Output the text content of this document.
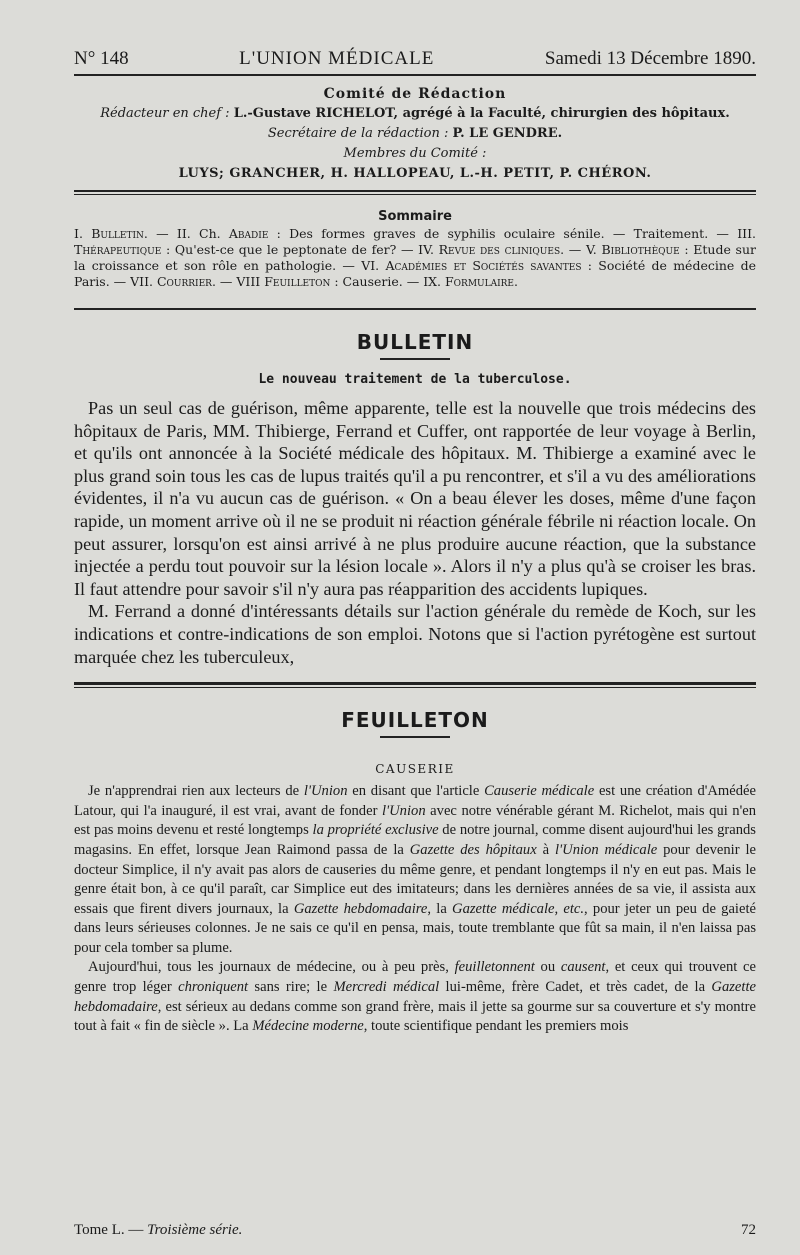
N° 148	L'UNION MÉDICALE	Samedi 13 Décembre 1890.
Comité de Rédaction
Rédacteur en chef : L.-Gustave RICHELOT, agrégé à la Faculté, chirurgien des hôpitaux.
Secrétaire de la rédaction : P. LE GENDRE.
Membres du Comité :
LUYS; GRANCHER, H. HALLOPEAU, L.-H. PETIT, P. CHÉRON.
Sommaire
I. Bulletin. — II. Ch. Abadie : Des formes graves de syphilis oculaire sénile. — Traitement. — III. Thérapeutique : Qu'est-ce que le peptonate de fer? — IV. Revue des cliniques. — V. Bibliothèque : Etude sur la croissance et son rôle en pathologie. — VI. Académies et Sociétés savantes : Société de médecine de Paris. — VII. Courrier. — VIII Feuilleton : Causerie. — IX. Formulaire.
BULLETIN
Le nouveau traitement de la tuberculose.

Pas un seul cas de guérison, même apparente, telle est la nouvelle que trois médecins des hôpitaux de Paris, MM. Thibierge, Ferrand et Cuffer, ont rapportée de leur voyage à Berlin, et qu'ils ont annoncée à la Société médicale des hôpitaux. M. Thibierge a examiné avec le plus grand soin tous les cas de lupus traités qu'il a pu rencontrer, et s'il a vu des améliorations évidentes, il n'a vu aucun cas de guérison. « On a beau élever les doses, même d'une façon rapide, un moment arrive où il ne se produit ni réaction générale fébrile ni réaction locale. On peut assurer, lorsqu'on est ainsi arrivé à ne plus produire aucune réaction, que la substance injectée a perdu tout pouvoir sur la lésion locale ». Alors il n'y a plus qu'à se croiser les bras. Il faut attendre pour savoir s'il n'y aura pas réapparition des accidents lupiques.

M. Ferrand a donné d'intéressants détails sur l'action générale du remède de Koch, sur les indications et contre-indications de son emploi. Notons que si l'action pyrétogène est surtout marquée chez les tuberculeux,

FEUILLETON
CAUSERIE

Je n'apprendrai rien aux lecteurs de l'Union en disant que l'article Causerie médicale est une création d'Amédée Latour, qui l'a inauguré, il est vrai, avant de fonder l'Union avec notre vénérable gérant M. Richelot, mais qui n'en est pas moins devenu et resté longtemps la propriété exclusive de notre journal, comme disent aujourd'hui les grands magasins. En effet, lorsque Jean Raimond passa de la Gazette des hôpitaux à l'Union médicale pour devenir le docteur Simplice, il n'y avait pas alors de causeries du même genre, et pendant longtemps il n'y en eut pas. Mais le genre était bon, à ce qu'il paraît, car Simplice eut des imitateurs; dans les dernières années de sa vie, il assista aux essais que firent divers journaux, la Gazette hebdomadaire, la Gazette médicale, etc., pour jeter un peu de gaieté dans leurs sérieuses colonnes. Je ne sais ce qu'il en pensa, mais, toute tremblante que fût sa main, il n'en laissa pas pour cela tomber sa plume.

Aujourd'hui, tous les journaux de médecine, ou à peu près, feuilletonnent ou causent, et ceux qui trouvent ce genre trop léger chroniquent sans rire; le Mercredi médical lui-même, frère Cadet, et très cadet, de la Gazette hebdomadaire, est sérieux au dedans comme son grand frère, mais il jette sa gourme sur sa couverture et s'y montre tout à fait « fin de siècle ». La Médecine moderne, toute scientifique pendant les premiers mois

Tome L. — Troisième série.	72
